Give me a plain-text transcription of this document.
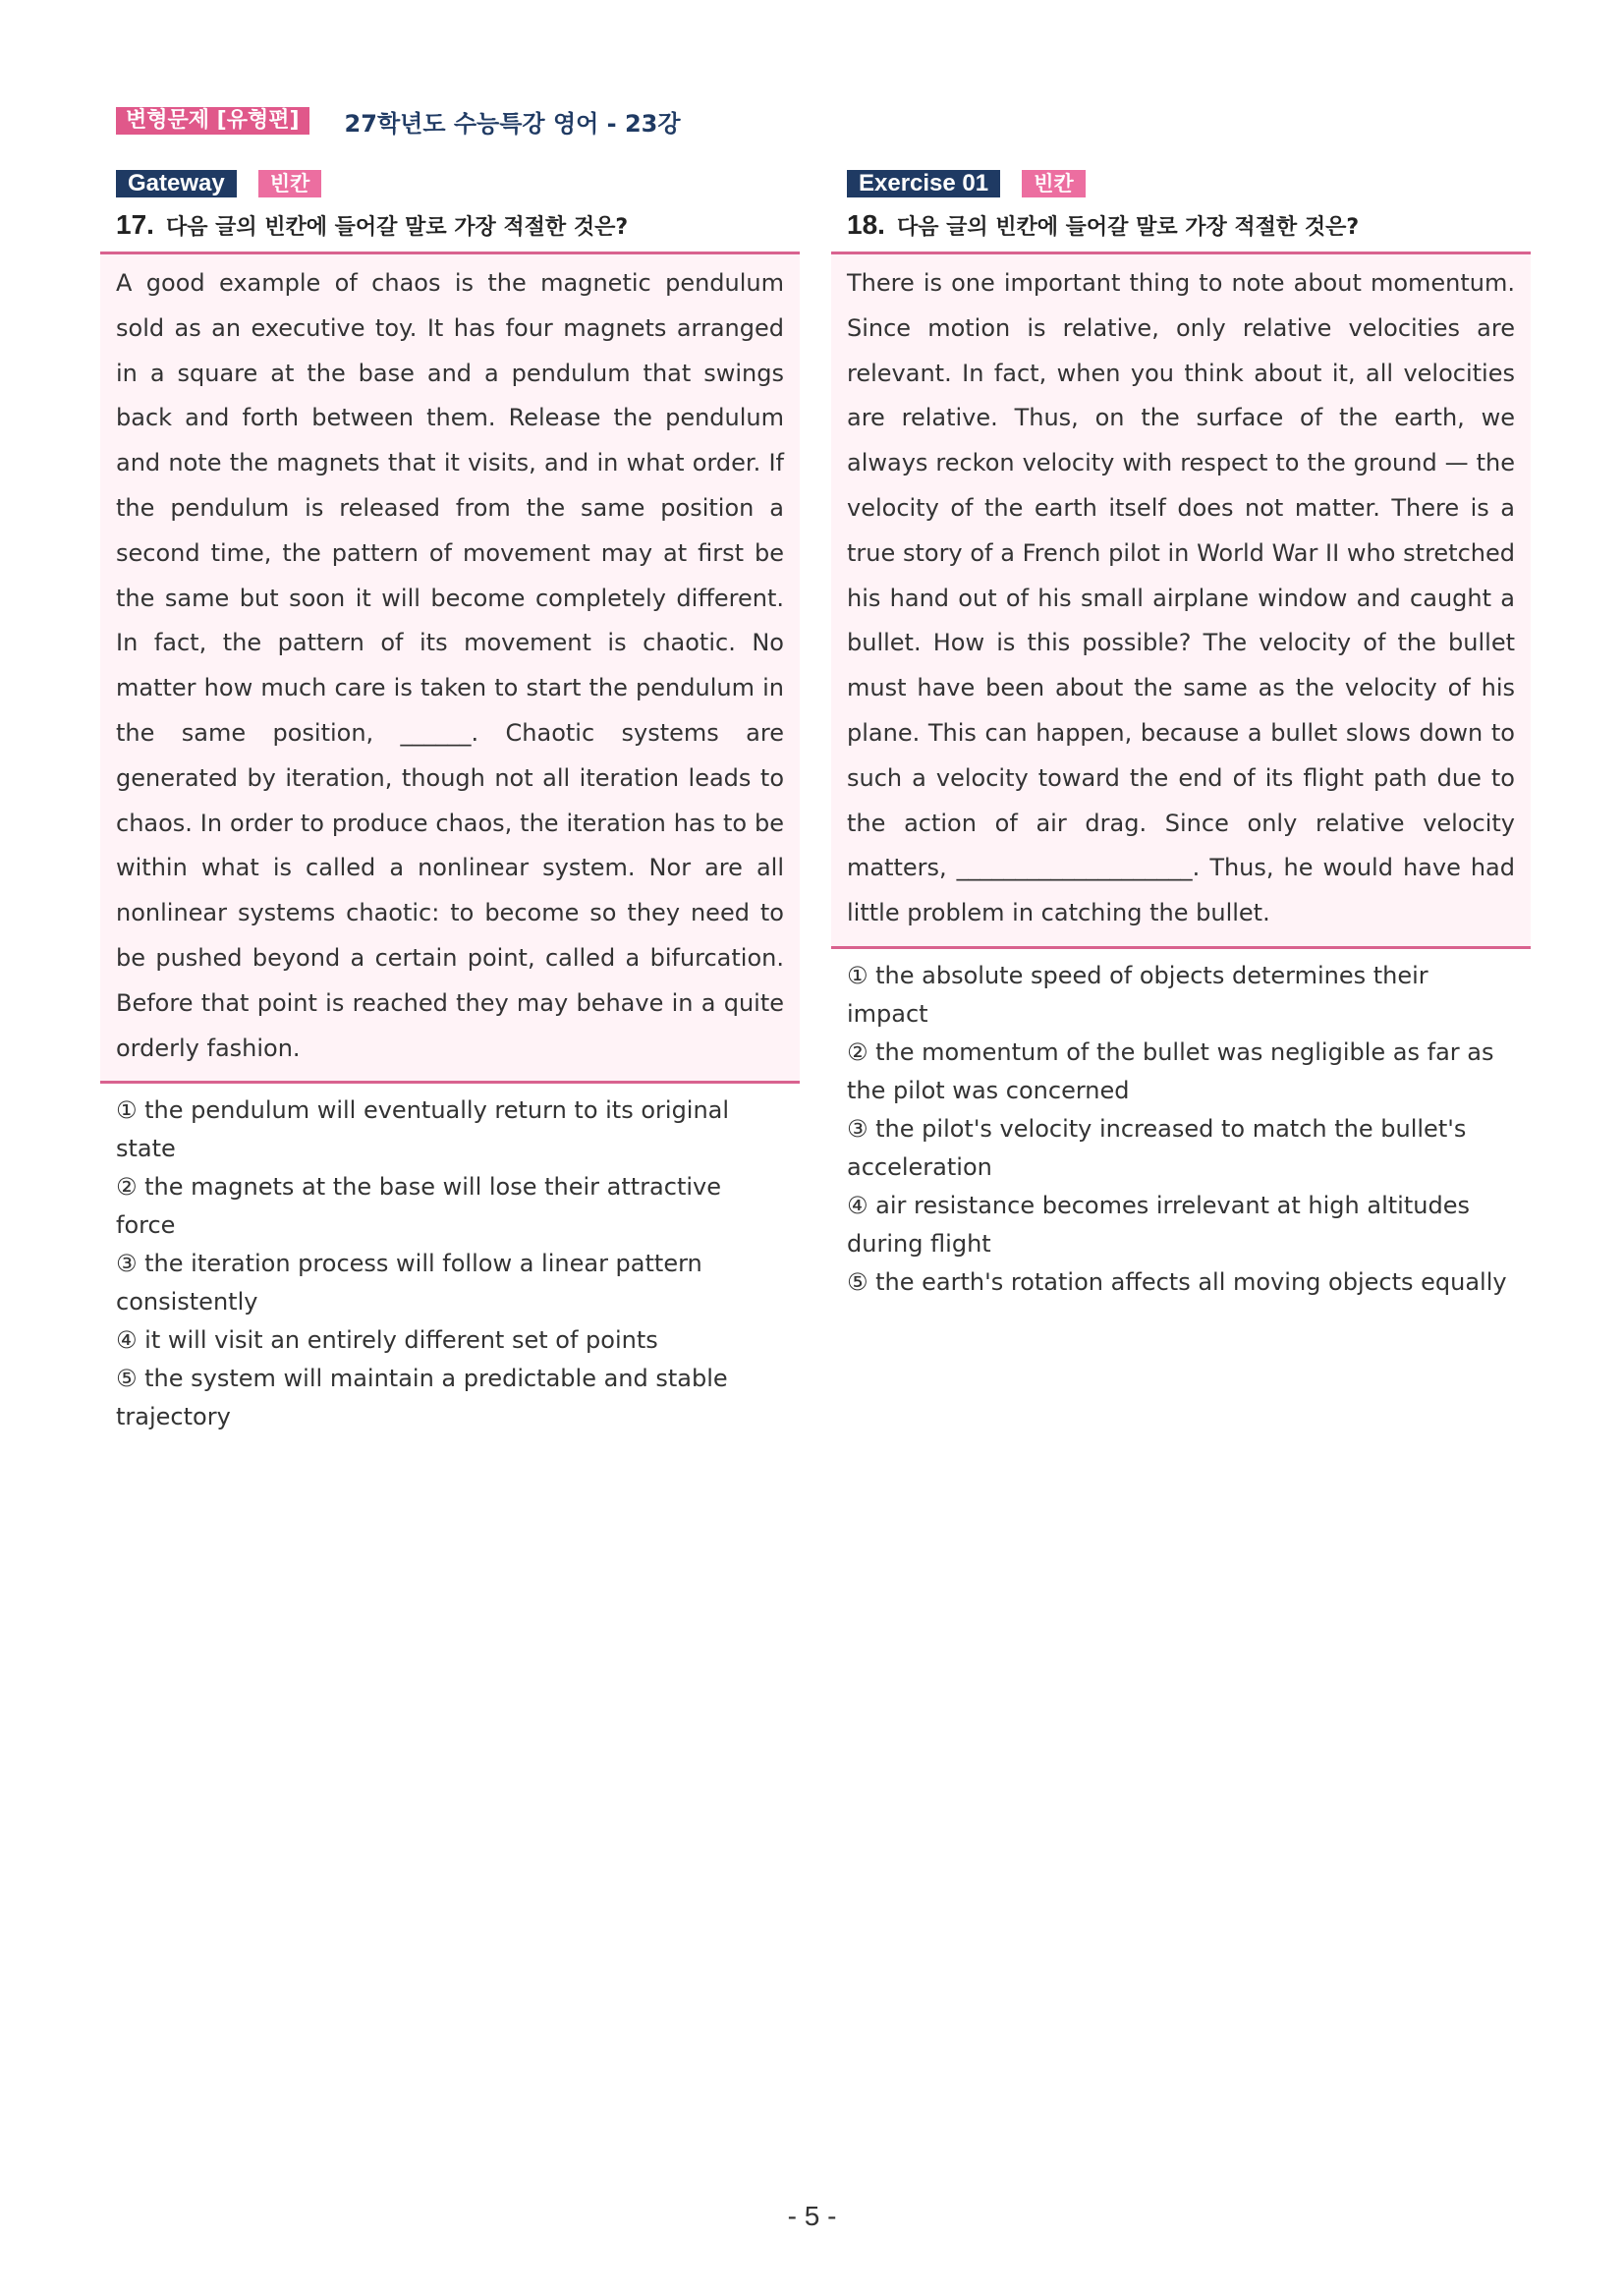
변형문제 [유형편]	27학년도 수능특강 영어 - 23강
Gateway	빈칸
17. 다음 글의 빈칸에 들어갈 말로 가장 적절한 것은?

A good example of chaos is the magnetic pendulum sold as an executive toy. It has four magnets arranged in a square at the base and a pendulum that swings back and forth between them. Release the pendulum and note the magnets that it visits, and in what order. If the pendulum is released from the same position a second time, the pattern of movement may at first be the same but soon it will become completely different. In fact, the pattern of its movement is chaotic. No matter how much care is taken to start the pendulum in the same position, ______. Chaotic systems are generated by iteration, though not all iteration leads to chaos. In order to produce chaos, the iteration has to be within what is called a nonlinear system. Nor are all nonlinear systems chaotic: to become so they need to be pushed beyond a certain point, called a bifurcation. Before that point is reached they may behave in a quite orderly fashion.

① the pendulum will eventually return to its original state

② the magnets at the base will lose their attractive force

③ the iteration process will follow a linear pattern consistently

④ it will visit an entirely different set of points

⑤ the system will maintain a predictable and stable trajectory

Exercise 01	빈칸
18. 다음 글의 빈칸에 들어갈 말로 가장 적절한 것은?

There is one important thing to note about momentum. Since motion is relative, only relative velocities are relevant. In fact, when you think about it, all velocities are relative. Thus, on the surface of the earth, we always reckon velocity with respect to the ground — the velocity of the earth itself does not matter. There is a true story of a French pilot in World War II who stretched his hand out of his small airplane window and caught a bullet. How is this possible? The velocity of the bullet must have been about the same as the velocity of his plane. This can happen, because a bullet slows down to such a velocity toward the end of its flight path due to the action of air drag. Since only relative velocity matters, ____________________. Thus, he would have had little problem in catching the bullet.

① the absolute speed of objects determines their impact

② the momentum of the bullet was negligible as far as the pilot was concerned

③ the pilot's velocity increased to match the bullet's acceleration

④ air resistance becomes irrelevant at high altitudes during flight

⑤ the earth's rotation affects all moving objects equally

- 5 -
